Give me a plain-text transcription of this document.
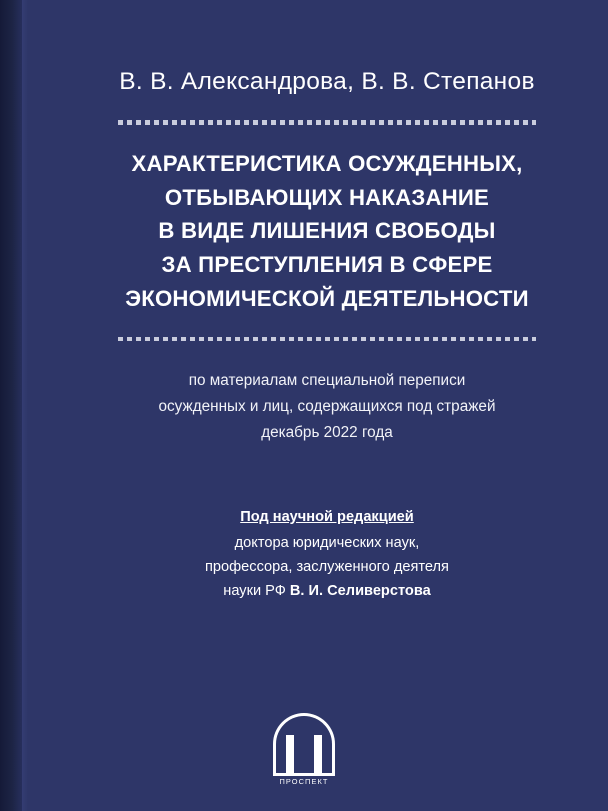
В. В. Александрова, В. В. Степанов
ХАРАКТЕРИСТИКА ОСУЖДЕННЫХ,
ОТБЫВАЮЩИХ НАКАЗАНИЕ
В ВИДЕ ЛИШЕНИЯ СВОБОДЫ
ЗА ПРЕСТУПЛЕНИЯ В СФЕРЕ
ЭКОНОМИЧЕСКОЙ ДЕЯТЕЛЬНОСТИ
по материалам специальной переписи
осужденных и лиц, содержащихся под стражей
декабрь 2022 года
Под научной редакцией
доктора юридических наук,
профессора, заслуженного деятеля
науки РФ В. И. Селиверстова
ПРОСПЕКТ
